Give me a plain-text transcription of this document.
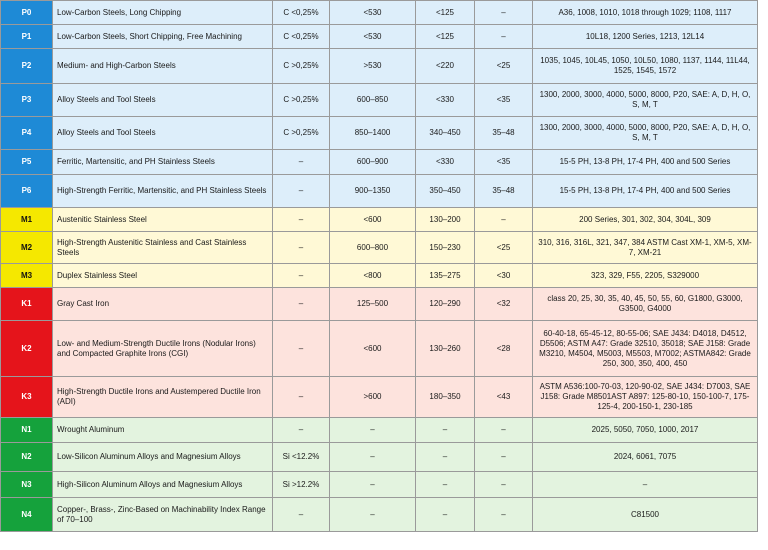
P0	Low-Carbon Steels, Long Chipping	C <0,25%	<530	<125	–	A36, 1008, 1010, 1018 through 1029; 1108, 1117
P1	Low-Carbon Steels, Short Chipping, Free Machining	C <0,25%	<530	<125	–	10L18, 1200 Series, 1213, 12L14
P2	Medium- and High-Carbon Steels	C >0,25%	>530	<220	<25	1035, 1045, 10L45, 1050, 10L50, 1080, 1137, 1144, 11L44, 1525, 1545, 1572
P3	Alloy Steels and Tool Steels	C >0,25%	600–850	<330	<35	1300, 2000, 3000, 4000, 5000, 8000, P20, SAE: A, D, H, O, S, M, T
P4	Alloy Steels and Tool Steels	C >0,25%	850–1400	340–450	35–48	1300, 2000, 3000, 4000, 5000, 8000, P20, SAE: A, D, H, O, S, M, T
P5	Ferritic, Martensitic, and PH Stainless Steels	–	600–900	<330	<35	15-5 PH, 13-8 PH, 17-4 PH, 400 and 500 Series
P6	High-Strength Ferritic, Martensitic, and PH Stainless Steels	–	900–1350	350–450	35–48	15-5 PH, 13-8 PH, 17-4 PH, 400 and 500 Series
M1	Austenitic Stainless Steel	–	<600	130–200	–	200 Series, 301, 302, 304, 304L, 309
M2	High-Strength Austenitic Stainless and Cast Stainless Steels	–	600–800	150–230	<25	310, 316, 316L, 321, 347, 384 ASTM Cast XM-1, XM-5, XM-7, XM-21
M3	Duplex Stainless Steel	–	<800	135–275	<30	323, 329, F55, 2205, S329000
K1	Gray Cast Iron	–	125–500	120–290	<32	class 20, 25, 30, 35, 40, 45, 50, 55, 60, G1800, G3000, G3500, G4000
K2	Low- and Medium-Strength Ductile Irons (Nodular Irons) and Compacted Graphite Irons (CGI)	–	<600	130–260	<28	60-40-18, 65-45-12, 80-55-06; SAE J434: D4018, D4512, D5506; ASTM A47: Grade 32510, 35018; SAE J158: Grade M3210, M4504, M5003, M5503, M7002; ASTMA842: Grade 250, 300, 350, 400, 450
K3	High-Strength Ductile Irons and Austempered Ductile Iron (ADI)	–	>600	180–350	<43	ASTM A536:100-70-03, 120-90-02, SAE J434: D7003, SAE J158: Grade M8501AST A897: 125-80-10, 150-100-7, 175-125-4, 200-150-1, 230-185
N1	Wrought Aluminum	–	–	–	–	2025, 5050, 7050, 1000, 2017
N2	Low-Silicon Aluminum Alloys and Magnesium Alloys	Si <12.2%	–	–	–	2024, 6061, 7075
N3	High-Silicon Aluminum Alloys and Magnesium Alloys	Si >12.2%	–	–	–	–
N4	Copper-, Brass-, Zinc-Based on Machinability Index Range of 70–100	–	–	–	–	C81500
